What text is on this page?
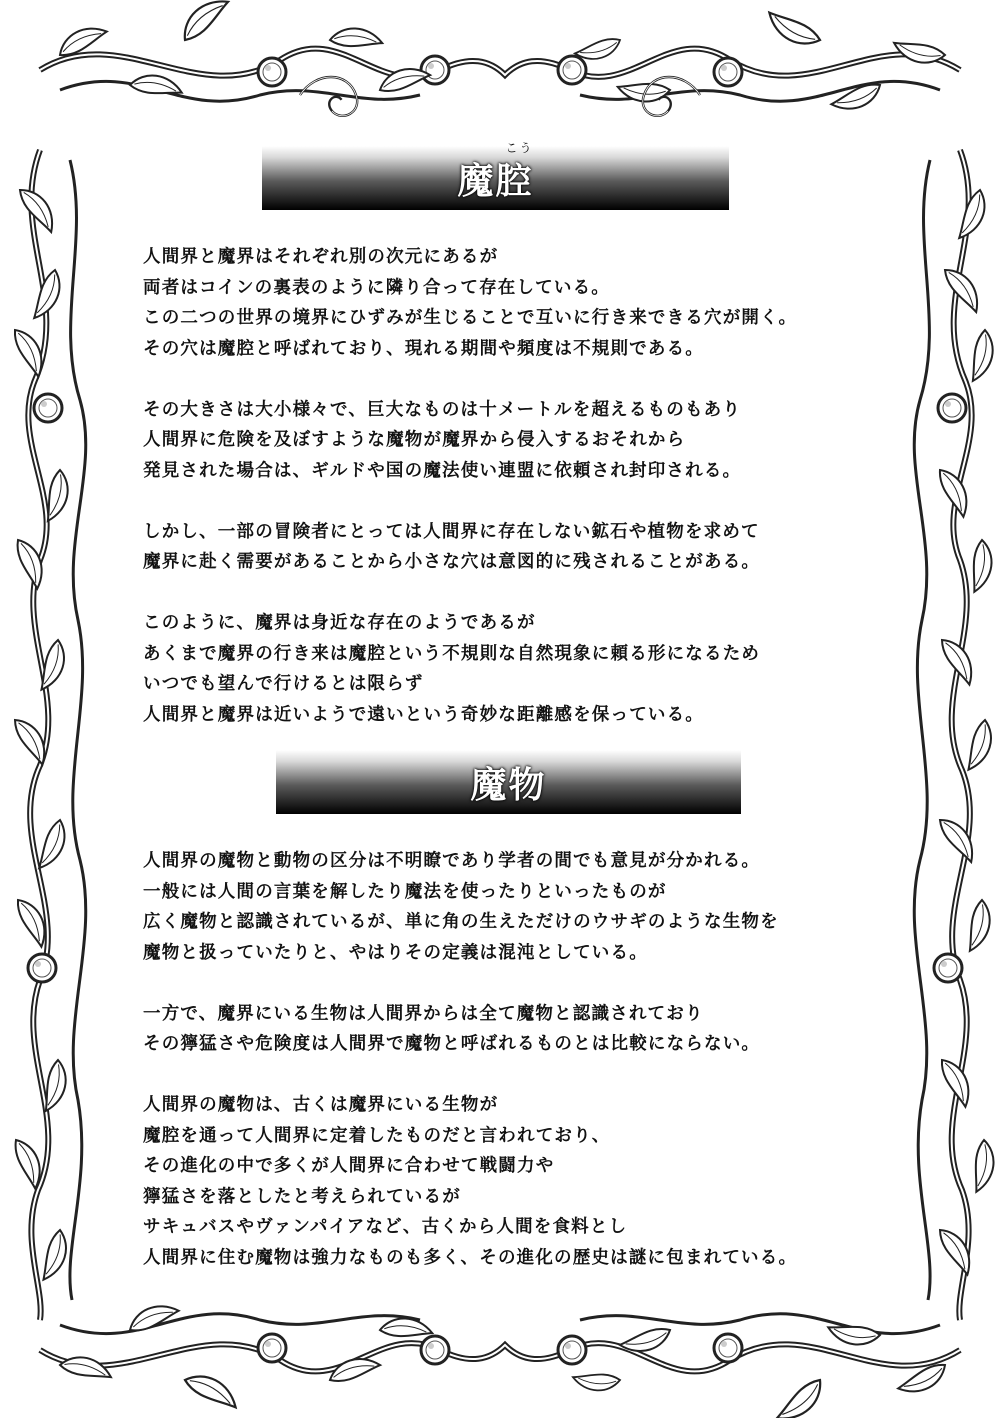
こう
魔腔
人間界と魔界はそれぞれ別の次元にあるが
両者はコインの裏表のように隣り合って存在している。
この二つの世界の境界にひずみが生じることで互いに行き来できる穴が開く。
その穴は魔腔と呼ばれており、現れる期間や頻度は不規則である。
その大きさは大小様々で、巨大なものは十メートルを超えるものもあり
人間界に危険を及ぼすような魔物が魔界から侵入するおそれから
発見された場合は、ギルドや国の魔法使い連盟に依頼され封印される。
しかし、一部の冒険者にとっては人間界に存在しない鉱石や植物を求めて
魔界に赴く需要があることから小さな穴は意図的に残されることがある。
このように、魔界は身近な存在のようであるが
あくまで魔界の行き来は魔腔という不規則な自然現象に頼る形になるため
いつでも望んで行けるとは限らず
人間界と魔界は近いようで遠いという奇妙な距離感を保っている。
魔物
人間界の魔物と動物の区分は不明瞭であり学者の間でも意見が分かれる。
一般には人間の言葉を解したり魔法を使ったりといったものが
広く魔物と認識されているが、単に角の生えただけのウサギのような生物を
魔物と扱っていたりと、やはりその定義は混沌としている。
一方で、魔界にいる生物は人間界からは全て魔物と認識されており
その獰猛さや危険度は人間界で魔物と呼ばれるものとは比較にならない。
人間界の魔物は、古くは魔界にいる生物が
魔腔を通って人間界に定着したものだと言われており、
その進化の中で多くが人間界に合わせて戦闘力や
獰猛さを落としたと考えられているが
サキュバスやヴァンパイアなど、古くから人間を食料とし
人間界に住む魔物は強力なものも多く、その進化の歴史は謎に包まれている。
